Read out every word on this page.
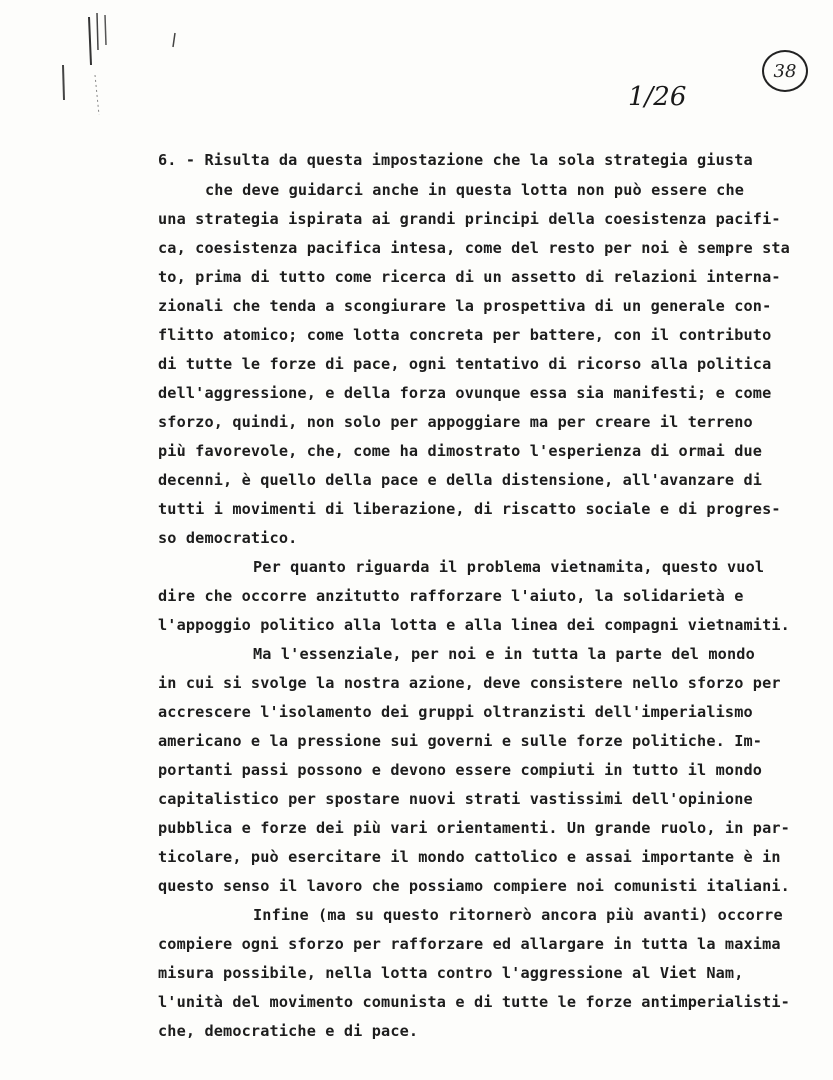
38
1/26
6. - Risulta da questa impostazione che la sola strategia giusta
che deve guidarci anche in questa lotta non può essere che
una strategia ispirata ai grandi principi della coesistenza pacifi-
ca, coesistenza pacifica intesa, come del resto per noi è sempre sta
to, prima di tutto come ricerca di un assetto di relazioni interna-
zionali che tenda a scongiurare la prospettiva di un generale con-
flitto atomico; come lotta concreta per battere, con il contributo
di tutte le forze di pace, ogni tentativo di ricorso alla politica
dell'aggressione, e della forza ovunque essa sia manifesti; e come
sforzo, quindi, non solo per appoggiare ma per creare il terreno
più favorevole, che, come ha dimostrato l'esperienza di ormai due
decenni, è quello della pace e della distensione, all'avanzare di
tutti i movimenti di liberazione, di riscatto sociale e di progres-
so democratico.
Per quanto riguarda il problema vietnamita, questo vuol
dire che occorre anzitutto rafforzare l'aiuto, la solidarietà e
l'appoggio politico alla lotta e alla linea dei compagni vietnamiti.
Ma l'essenziale, per noi e in tutta la parte del mondo
in cui si svolge la nostra azione, deve consistere nello sforzo per
accrescere l'isolamento dei gruppi oltranzisti dell'imperialismo
americano e la pressione sui governi e sulle forze politiche. Im-
portanti passi possono e devono essere compiuti in tutto il mondo
capitalistico per spostare nuovi strati vastissimi dell'opinione
pubblica e forze dei più vari orientamenti. Un grande ruolo, in par-
ticolare, può esercitare il mondo cattolico e assai importante è in
questo senso il lavoro che possiamo compiere noi comunisti italiani.
Infine (ma su questo ritornerò ancora più avanti) occorre
compiere ogni sforzo per rafforzare ed allargare in tutta la maxima
misura possibile, nella lotta contro l'aggressione al Viet Nam,
l'unità del movimento comunista e di tutte le forze antimperialisti-
che, democratiche e di pace.
